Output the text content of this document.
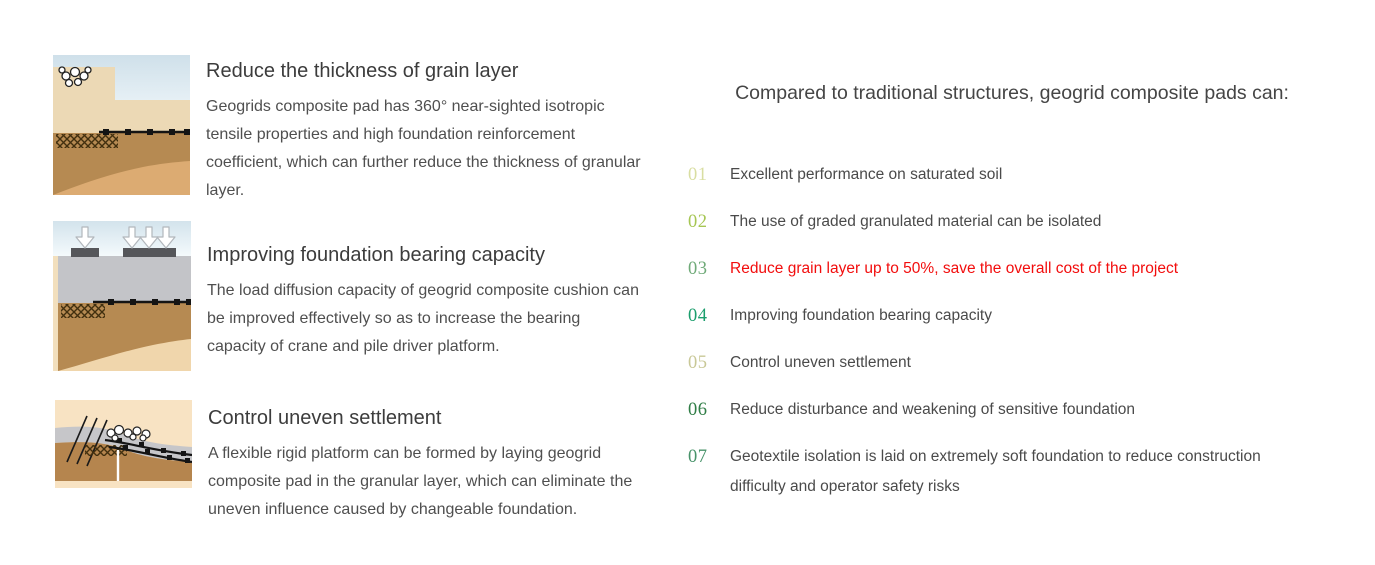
Reduce the thickness of grain layer

Geogrids composite pad has 360° near-sighted isotropic tensile properties and high foundation reinforcement coefficient, which can further reduce the thickness of granular layer.

Improving foundation bearing capacity

The load diffusion capacity of geogrid composite cushion can be improved effectively so as to increase the bearing capacity of crane and pile driver platform.

Control uneven settlement

A flexible rigid platform can be formed by laying geogrid composite pad in the granular layer, which can eliminate the uneven influence caused by changeable foundation.

Compared to traditional structures, geogrid composite pads can:
01	Excellent performance on saturated soil
02	The use of graded granulated material can be isolated
03	Reduce grain layer up to 50%, save the overall cost of the project
04	Improving foundation bearing capacity
05	Control uneven settlement
06	Reduce disturbance and weakening of sensitive foundation
07	Geotextile isolation is laid on extremely soft foundation to reduce construction difficulty and operator safety risks
